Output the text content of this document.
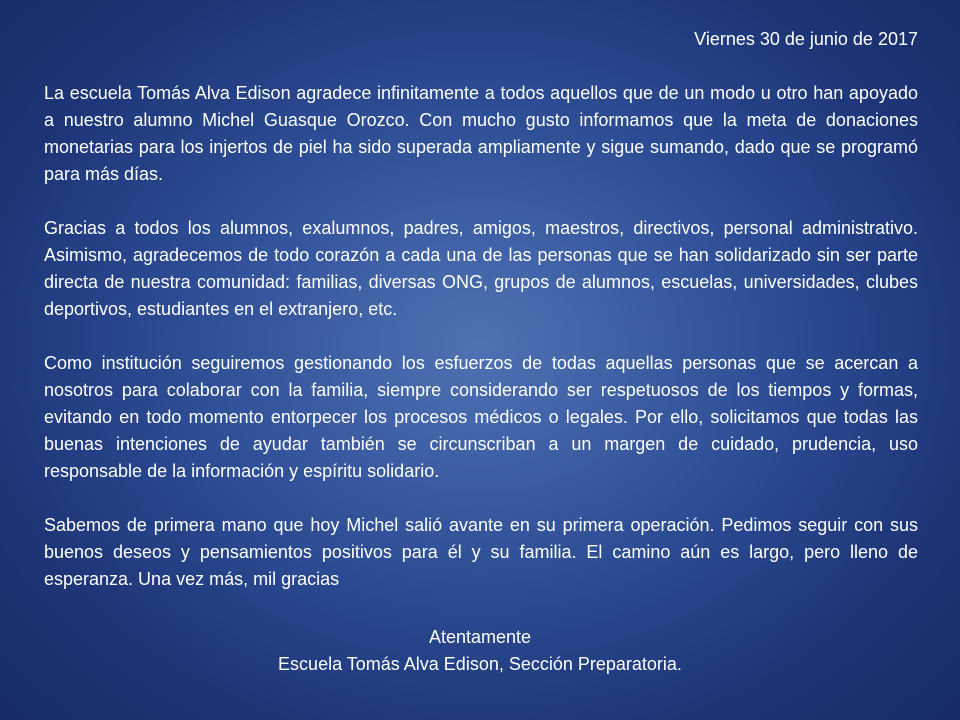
Viernes 30 de junio de 2017

La escuela Tomás Alva Edison agradece infinitamente a todos aquellos que de un modo u otro han apoyado a nuestro alumno Michel Guasque Orozco. Con mucho gusto informamos que la meta de donaciones monetarias para los injertos de piel ha sido superada ampliamente y sigue sumando, dado que se programó para más días.

Gracias a todos los alumnos, exalumnos, padres, amigos, maestros, directivos, personal administrativo. Asimismo, agradecemos de todo corazón a cada una de las personas que se han solidarizado sin ser parte directa de nuestra comunidad: familias, diversas ONG, grupos de alumnos, escuelas, universidades, clubes deportivos, estudiantes en el extranjero, etc.

Como institución seguiremos gestionando los esfuerzos de todas aquellas personas que se acercan a nosotros para colaborar con la familia, siempre considerando ser respetuosos de los tiempos y formas, evitando en todo momento entorpecer los procesos médicos o legales. Por ello, solicitamos que todas las buenas intenciones de ayudar también se circunscriban a un margen de cuidado, prudencia, uso responsable de la información y espíritu solidario.

Sabemos de primera mano que hoy Michel salió avante en su primera operación. Pedimos seguir con sus buenos deseos y pensamientos positivos para él y su familia. El camino aún es largo, pero lleno de esperanza. Una vez más, mil gracias

Atentamente

Escuela Tomás Alva Edison, Sección Preparatoria.
